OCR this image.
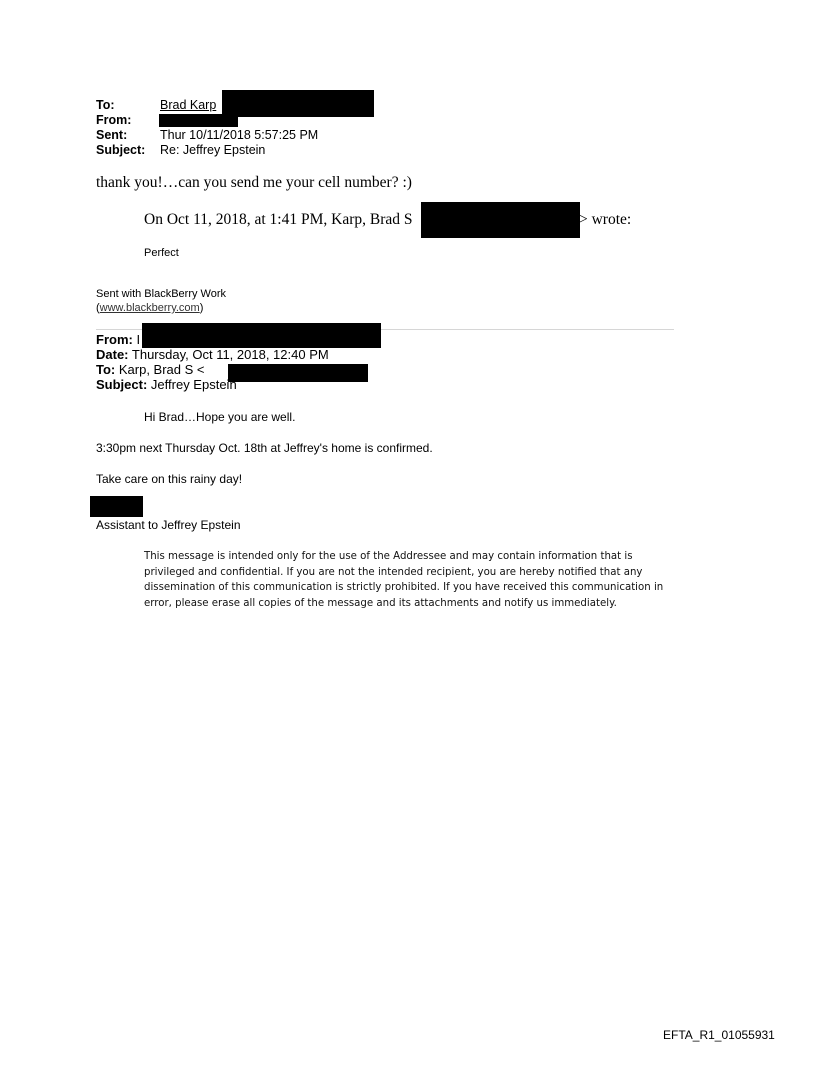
To:	Brad Karp
From:
Sent:	Thur 10/11/2018 5:57:25 PM
Subject: Re: Jeffrey Epstein
thank you!…can you send me your cell number? :)
On Oct 11, 2018, at 1:41 PM, Karp, Brad S	> wrote:
Perfect
Sent with BlackBerry Work
(www.blackberry.com)
From: I
Date: Thursday, Oct 11, 2018, 12:40 PM
To: Karp, Brad S <
Subject: Jeffrey Epstein
Hi Brad…Hope you are well.
3:30pm next Thursday Oct. 18th at Jeffrey's home is confirmed.
Take care on this rainy day!
Assistant to Jeffrey Epstein
This message is intended only for the use of the Addressee and may contain information that is privileged and confidential. If you are not the intended recipient, you are hereby notified that any dissemination of this communication is strictly prohibited. If you have received this communication in error, please erase all copies of the message and its attachments and notify us immediately.
EFTA_R1_01055931
